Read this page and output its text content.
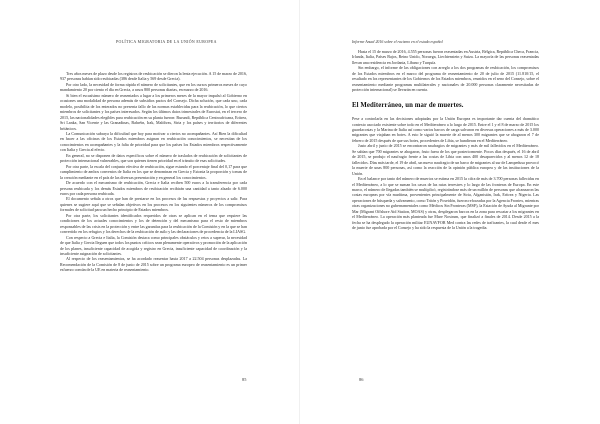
POLÍTICA MIGRATORIA DE LA UNIÓN EUROPEA

Tres años meses de plazo desde los registros de reubicación se dieron la lenta ejecución. A 15 de marzo de 2016, 937 personas habían sido reubicadas (386 desde Italia y 569 desde Grecia).

Por otro lado, la necesidad de forma rápida el número de solicitantes, que en los cursos primeros meses de cuyo mandamiento 20 por ciento el día en Grecia, a rasos 800 personas diarias, en marzo de 2016.

Si bien el escasísimo número de reasentados a lugar a los primeros meses de la mayor impulsó al Gobierno en ocasiones una modalidad de persona además de subsidios pactos del Consejo. Dicha solución, que cada uno, cada modelo, posibilita de los enterados no presenta fallo de las normas establecidas para la reubicación, lo que ciertos miembros de solicitantes y los países interesados. Según los últimos datos trimestrales de Eurostat, en el tercero de 2015, las nacionalidades elegibles para reubicación en su planta fueron: Burundi, República Centroafricana, Eritrea, Sri Lanka, San Vicente y las Granadinas, Bahréin, Irak, Maldivas, Siria y los países y territorios de diferentes británicos.

La Comunicación subraya la dificultad que hoy para motivar a ciertos no acompañantes. Así Bien la dificultad en hacer a las oficinas de los Estados miembros asignan en reubicación conocimientos, se necesitan de los conocimientos en acompañantes y la falta de prioridad para que los países los Estados miembros respectivamente con Italia y Grecia al efecto.

En general, no se disponen de datos específicos sobre el número de traslados de reubicación de solicitantes de protección internacional vulnerables, que son quienes tienen prioridad en el tránsito de esas solicitudes.

Por otra parte, la escala del conjunto efectiva de reubicación, sigue estando el porcentaje final del 0,17 para que cumplimiento de ambos convenios de Italia en los que se denominan en Grecia y Estonia la proporción y tomas de la creación mediante en el país de las diversas presentación y en general los conocimientos.

De acuerdo con el mecanismo de reubicación, Grecia e Italia reciben 500 euros a la transferencia por cada persona reubicada y los demás Estados miembros de reubicación recibirán una cantidad a tanto alzado de 6.000 euros por cada persona reubicada.

El documento señala a otros que han de prestarse en los procesos de las respuestas y proyectos a salir. Para quienes se sugiere aquí que se señalan objetivos en los procesos en los siguientes números de los compromisos formales de solicitud para un hecho principio de Estados miembros.

Por otra parte, los solicitantes identificados requeridos de otras se aplican en el tema que requiere las condiciones de los actuales conocimientos y los de detención y del mecanismo para el resto de miembros responsables de las crisis en la protección y entre las garantías para la reubicación de la Comisión y en la que se han convertido en los refugios y los derechos de la reubicación de asilo y las declaraciones de procedencia de la LIASG.

Con respecto a Grecia e Italia, la Comisión destaca como principales obstáculos y retos a superar, la necesidad de que Italia y Grecia lleguen que todos los puntos críticos sean plenamente operativos y promoción de la aplicación de los planes, insuficiente capacidad de acogida y registro en Grecia, insuficiente capacidad de coordinación y la insuficiente asignación de solicitantes.

Al respecto de los reasentamientos, se ha acordado reasentar hasta 2017 a 22.504 personas desplazadas. La Recomendación de la Comisión de 8 de junio de 2015 sobre un programa europeo de reasentamiento es un primer esfuerzo común de la UE en materia de reasentamiento.

85
Informe Anual 2016 sobre el racismo en el estado español

Hasta el 15 de marzo de 2016, 4.555 personas fueron reasentadas en Austria, Bélgica, República Checa, Francia, Irlanda, Italia, Países Bajos, Reino Unido, Noruega, Liechtenstein y Suiza. La mayoría de las personas reasentadas llevan una residencia en Jordania, Líbano y Turquía.

Sin embargo, el informe de las obligaciones con arreglo a los dos programas de reubicación, los compromisos de los Estados miembros en el marco del programa de reasentamiento de 20 de julio de 2015 (11.810/15, el resultado en los representantes de los Gobiernos de los Estados miembros, reunidos en el seno del Consejo, sobre el reasentamiento mediante programas multilaterales y nacionales de 20.000 personas claramente necesitadas de protección internacional) se llevarán en cuenta.

El Mediterráneo, un mar de muertes.

Pese a controlarla en las decisiones adoptadas por la Unión Europea es importante dar cuenta del dramático contexto asociado existente sobre todo en el Mediterráneo a lo largo de 2015. Entre el 1 y el 8 de marzo de 2015 los guardacostas y la Marina de Italia así como varios barcos de carga salvaron en diversas operaciones a más de 3.000 migrantes que viajaban en botes. A esto le siguió la muerte de al menos 300 migrantes que se ahogaron el 7 de febrero de 2015 después de que sus botes, procedentes de Libia, se hundieran en el Mediterráneo.

Justo abril y junio de 2015 se encontraron naufragios de migrantes y más de mil fallecidos en el Mediterráneo. Se sabían que 700 migrantes se ahogaron, fruto fuera de los que posteriormente. Pocos días después, el 16 de abril de 2015, se produjo el naufragio frente a las costas de Libia con unos 400 desaparecidos y al menos 12 de 18 fallecidos. Días más tarde, el 19 de abril, un nuevo naufragio de un barco de migrantes al sur de Lampedusa provocó la muerte de unas 800 personas, así como la reacción de la opinión pública europea y de las instituciones de la Unión.

En el balance por tanto del número de muertos se estima en 2015 la cifra de más de 3.700 personas fallecidas en el Mediterráneo, a lo que se suman los casos de las rutas terrestres y lo largo de las fronteras de Europa. En este marco, el número de llegadas también se multiplicó, registrándose más de un millón de personas que alcanzaron las costas europeas por vía marítima, provenientes principalmente de Siria, Afganistán, Irak, Eritrea y Nigeria. Las operaciones de búsqueda y salvamento, como Tritón y Poseidón, fueron reforzadas por la Agencia Frontex, mientras otras organizaciones no gubernamentales como Médicos Sin Fronteras (MSF), la Estación de Ayuda al Migrante por Mar (Migrant Offshore Aid Station, MOAS) y otras, desplegaron barcos en la zona para rescatar a los migrantes en el Mediterráneo. La operación más planteada fue Mare Nostrum, que finalizó a finales de 2014. Desde 2015 a la fecha se ha desplegado la operación militar EUNAVFOR Med contra las redes de traficantes, la cual desde el mes de junio fue aprobada por el Consejo y ha sido la respuesta de la Unión a la tragedia.

86
